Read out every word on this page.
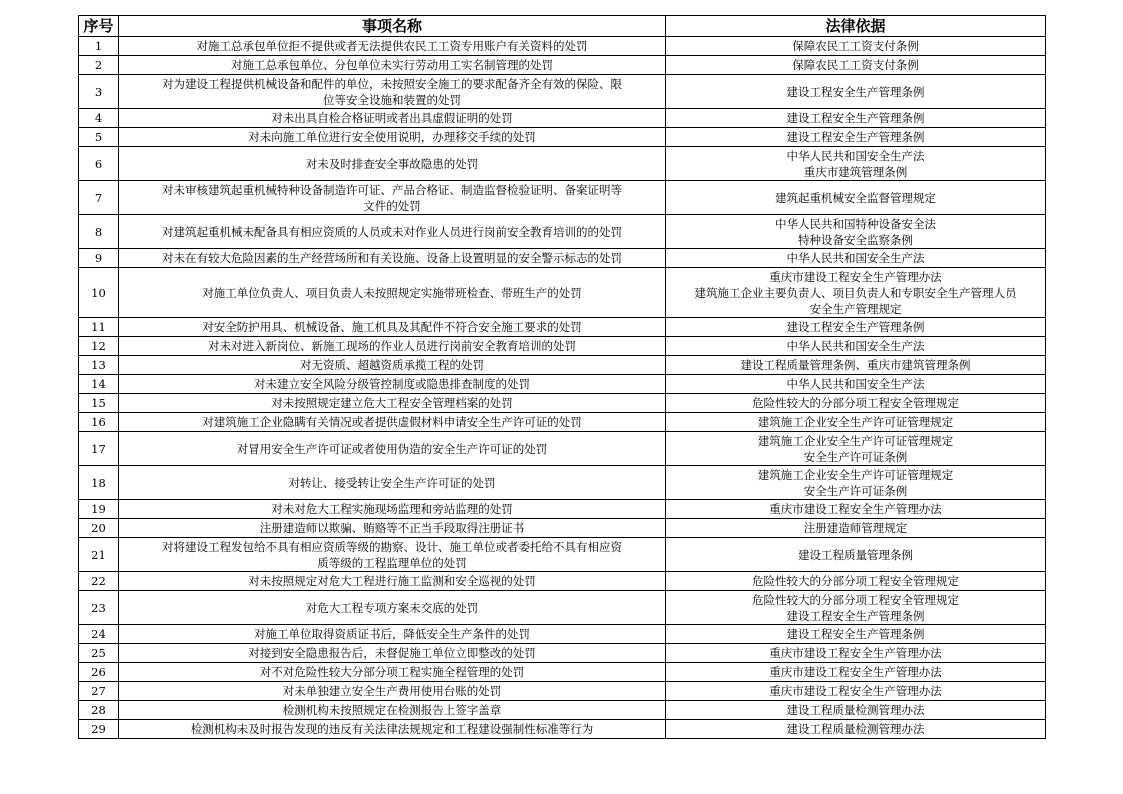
序号	事项名称	法律依据
1	对施工总承包单位拒不提供或者无法提供农民工工资专用账户有关资料的处罚	保障农民工工资支付条例
2	对施工总承包单位、分包单位未实行劳动用工实名制管理的处罚	保障农民工工资支付条例
3	对为建设工程提供机械设备和配件的单位，未按照安全施工的要求配备齐全有效的保险、限
位等安全设施和装置的处罚	建设工程安全生产管理条例
4	对未出具自检合格证明或者出具虚假证明的处罚	建设工程安全生产管理条例
5	对未向施工单位进行安全使用说明，办理移交手续的处罚	建设工程安全生产管理条例
6	对未及时排查安全事故隐患的处罚	中华人民共和国安全生产法
重庆市建筑管理条例
7	对未审核建筑起重机械特种设备制造许可证、产品合格证、制造监督检验证明、备案证明等
文件的处罚	建筑起重机械安全监督管理规定
8	对建筑起重机械未配备具有相应资质的人员或未对作业人员进行岗前安全教育培训的的处罚	中华人民共和国特种设备安全法
特种设备安全监察条例
9	对未在有较大危险因素的生产经营场所和有关设施、设备上设置明显的安全警示标志的处罚	中华人民共和国安全生产法
10	对施工单位负责人、项目负责人未按照规定实施带班检查、带班生产的处罚	重庆市建设工程安全生产管理办法
建筑施工企业主要负责人、项目负责人和专职安全生产管理人员
安全生产管理规定
11	对安全防护用具、机械设备、施工机具及其配件不符合安全施工要求的处罚	建设工程安全生产管理条例
12	对未对进入新岗位、新施工现场的作业人员进行岗前安全教育培训的处罚	中华人民共和国安全生产法
13	对无资质、超越资质承揽工程的处罚	建设工程质量管理条例、重庆市建筑管理条例
14	对未建立安全风险分级管控制度或隐患排查制度的处罚	中华人民共和国安全生产法
15	对未按照规定建立危大工程安全管理档案的处罚	危险性较大的分部分项工程安全管理规定
16	对建筑施工企业隐瞒有关情况或者提供虚假材料申请安全生产许可证的处罚	建筑施工企业安全生产许可证管理规定
17	对冒用安全生产许可证或者使用伪造的安全生产许可证的处罚	建筑施工企业安全生产许可证管理规定
安全生产许可证条例
18	对转让、接受转让安全生产许可证的处罚	建筑施工企业安全生产许可证管理规定
安全生产许可证条例
19	对未对危大工程实施现场监理和旁站监理的处罚	重庆市建设工程安全生产管理办法
20	注册建造师以欺骗、贿赂等不正当手段取得注册证书	注册建造师管理规定
21	对将建设工程发包给不具有相应资质等级的勘察、设计、施工单位或者委托给不具有相应资
质等级的工程监理单位的处罚	建设工程质量管理条例
22	对未按照规定对危大工程进行施工监测和安全巡视的处罚	危险性较大的分部分项工程安全管理规定
23	对危大工程专项方案未交底的处罚	危险性较大的分部分项工程安全管理规定
建设工程安全生产管理条例
24	对施工单位取得资质证书后，降低安全生产条件的处罚	建设工程安全生产管理条例
25	对接到安全隐患报告后，未督促施工单位立即整改的处罚	重庆市建设工程安全生产管理办法
26	对不对危险性较大分部分项工程实施全程管理的处罚	重庆市建设工程安全生产管理办法
27	对未单独建立安全生产费用使用台账的处罚	重庆市建设工程安全生产管理办法
28	检测机构未按照规定在检测报告上签字盖章	建设工程质量检测管理办法
29	检测机构未及时报告发现的违反有关法律法规规定和工程建设强制性标准等行为	建设工程质量检测管理办法
